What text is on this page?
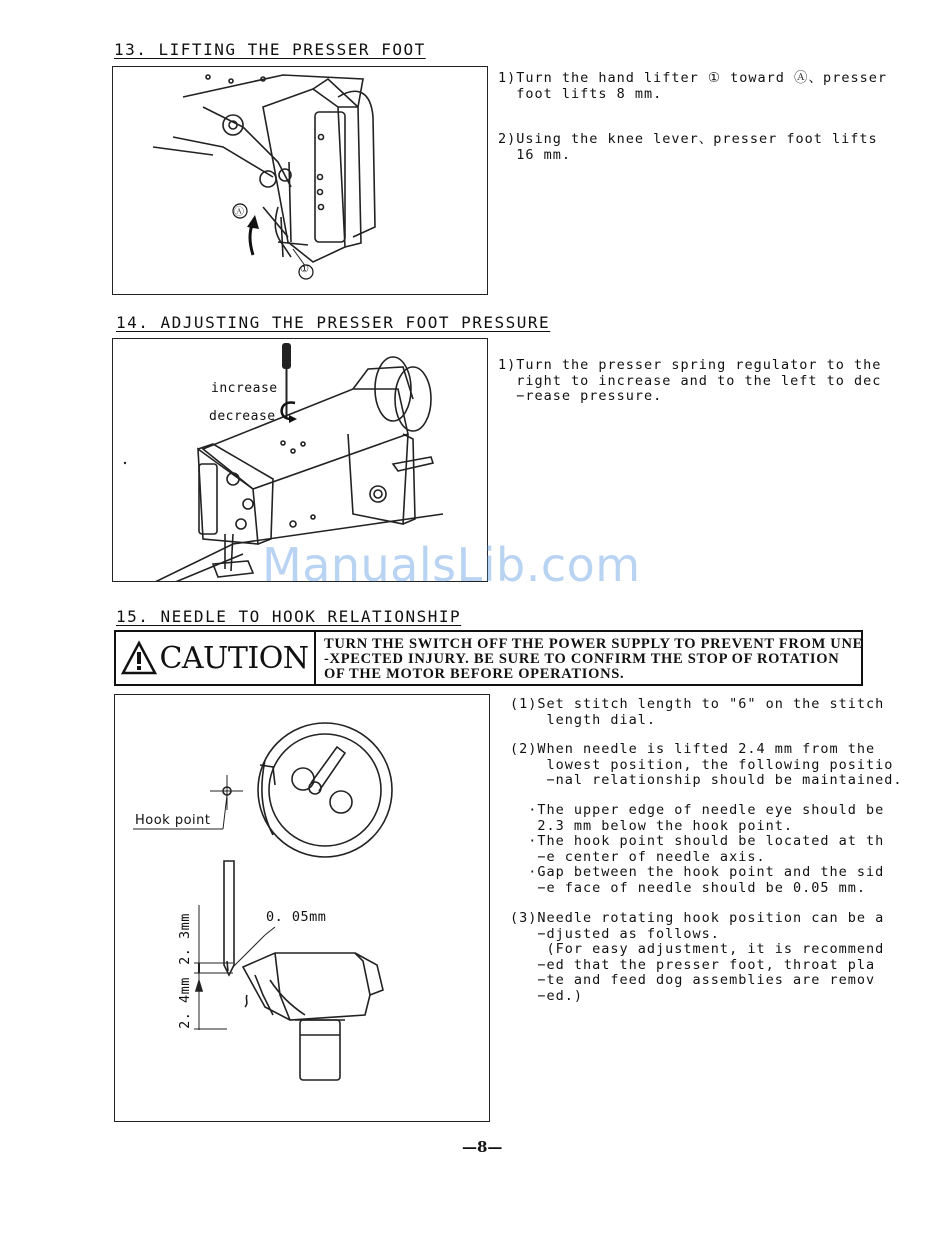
13. LIFTING THE PRESSER FOOT
Ⓐ
①
1)Turn the hand lifter ① toward Ⓐ、presser
foot lifts 8 mm.
2)Using the knee lever、presser foot lifts
16 mm.
14. ADJUSTING THE PRESSER FOOT PRESSURE
increase
decrease
1)Turn the presser spring regulator to the
right to increase and to the left to dec
−rease pressure.
ManualsLib.com
15. NEEDLE TO HOOK RELATIONSHIP
CAUTION TURN THE SWITCH OFF THE POWER SUPPLY TO PREVENT FROM UNE
-XPECTED INJURY. BE SURE TO CONFIRM THE STOP OF ROTATION
OF THE MOTOR BEFORE OPERATIONS.
Hook point
0. 05mm
2. 3mm
2. 4mm
(1)Set stitch length to "6" on the stitch
length dial.
(2)When needle is lifted 2.4 mm from the
lowest position, the following positio
−nal relationship should be maintained.
·The upper edge of needle eye should be
2.3 mm below the hook point.
·The hook point should be located at th
−e center of needle axis.
·Gap between the hook point and the sid
−e face of needle should be 0.05 mm.
(3)Needle rotating hook position can be a
−djusted as follows.
(For easy adjustment, it is recommend
−ed that the presser foot, throat pla
−te and feed dog assemblies are remov
−ed.)
—8—
